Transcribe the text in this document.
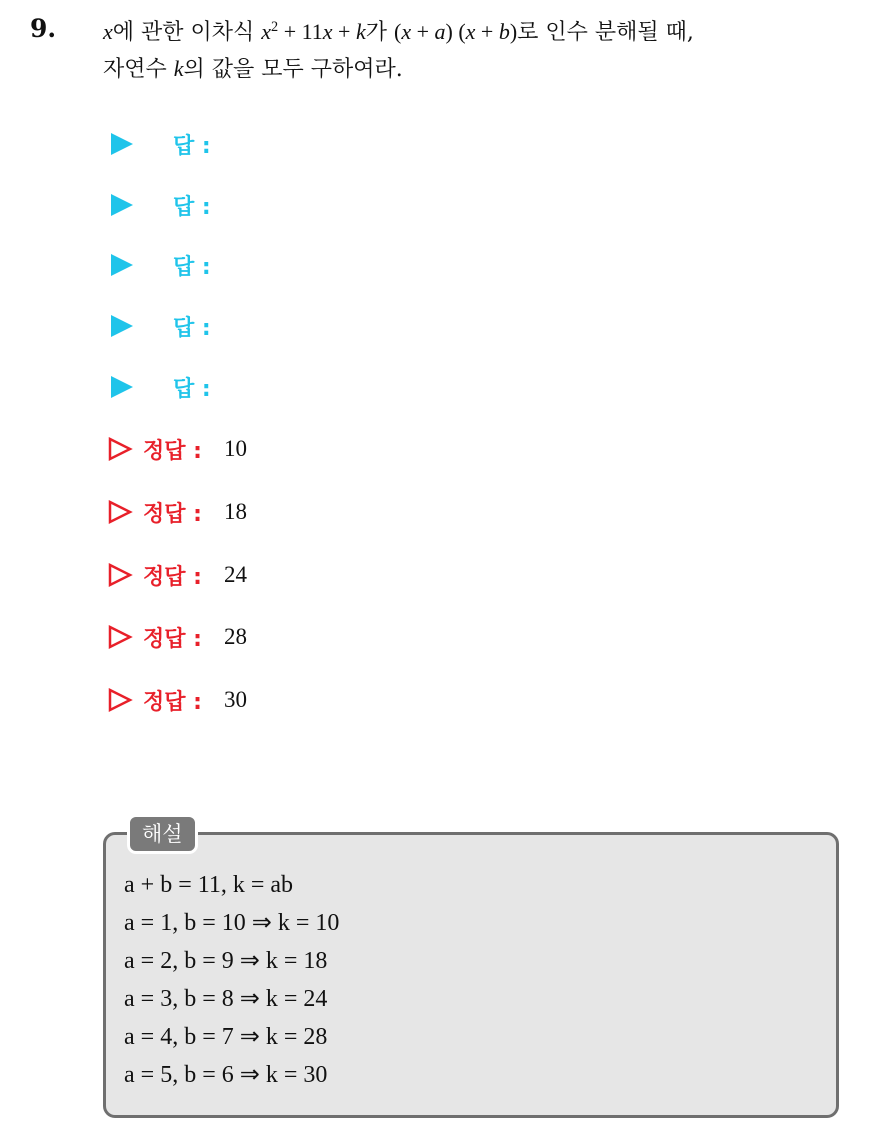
9. x에 관한 이차식 $x^2 + 11x + k$가 (x + a) (x + b)로 인수 분해될 때,
자연수 k의 값을 모두 구하여라.
답 :
답 :
답 :
답 :
답 :
정답 : 10
정답 : 18
정답 : 24
정답 : 28
정답 : 30
해설
a + b = 11, k = ab
a = 1, b = 10 ⇒ k = 10
a = 2, b = 9 ⇒ k = 18
a = 3, b = 8 ⇒ k = 24
a = 4, b = 7 ⇒ k = 28
a = 5, b = 6 ⇒ k = 30
